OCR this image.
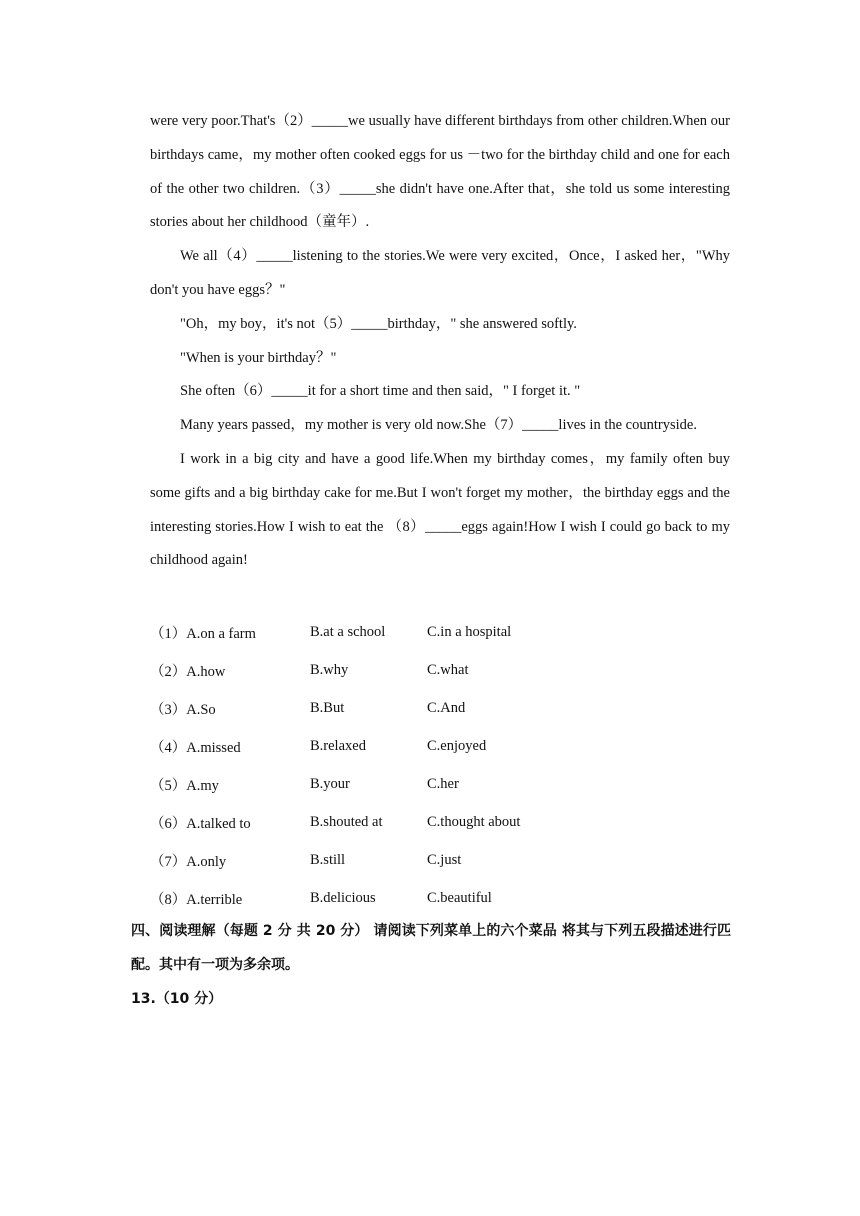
were very poor.That's（2）_____we usually have different birthdays from other children.When our birthdays came，my mother often cooked eggs for us －two for the birthday child and one for each of the other two children.（3）_____she didn't have one.After that，she told us some interesting stories about her childhood（童年）.

We all（4）_____listening to the stories.We were very excited，Once，I asked her，"Why don't you have eggs？"

"Oh，my boy，it's not（5）_____birthday，" she answered softly.

"When is your birthday？"

She often（6）_____it for a short time and then said，" I forget it. "

Many years passed，my mother is very old now.She（7）_____lives in the countryside.

I work in a big city and have a good life.When my birthday comes，my family often buy some gifts and a big birthday cake for me.But I won't forget my mother，the birthday eggs and the interesting stories.How I wish to eat the （8）_____eggs again!How I wish I could go back to my childhood again!

（1）A.on a farm	B.at a school	C.in a hospital
（2）A.how	B.why	C.what
（3）A.So	B.But	C.And
（4）A.missed	B.relaxed	C.enjoyed
（5）A.my	B.your	C.her
（6）A.talked to	B.shouted at	C.thought about
（7）A.only	B.still	C.just
（8）A.terrible	B.delicious	C.beautiful

四、阅读理解（每题 2 分 共 20 分） 请阅读下列菜单上的六个菜品 将其与下列五段描述进行匹配。其中有一项为多余项。

13.（10 分）
